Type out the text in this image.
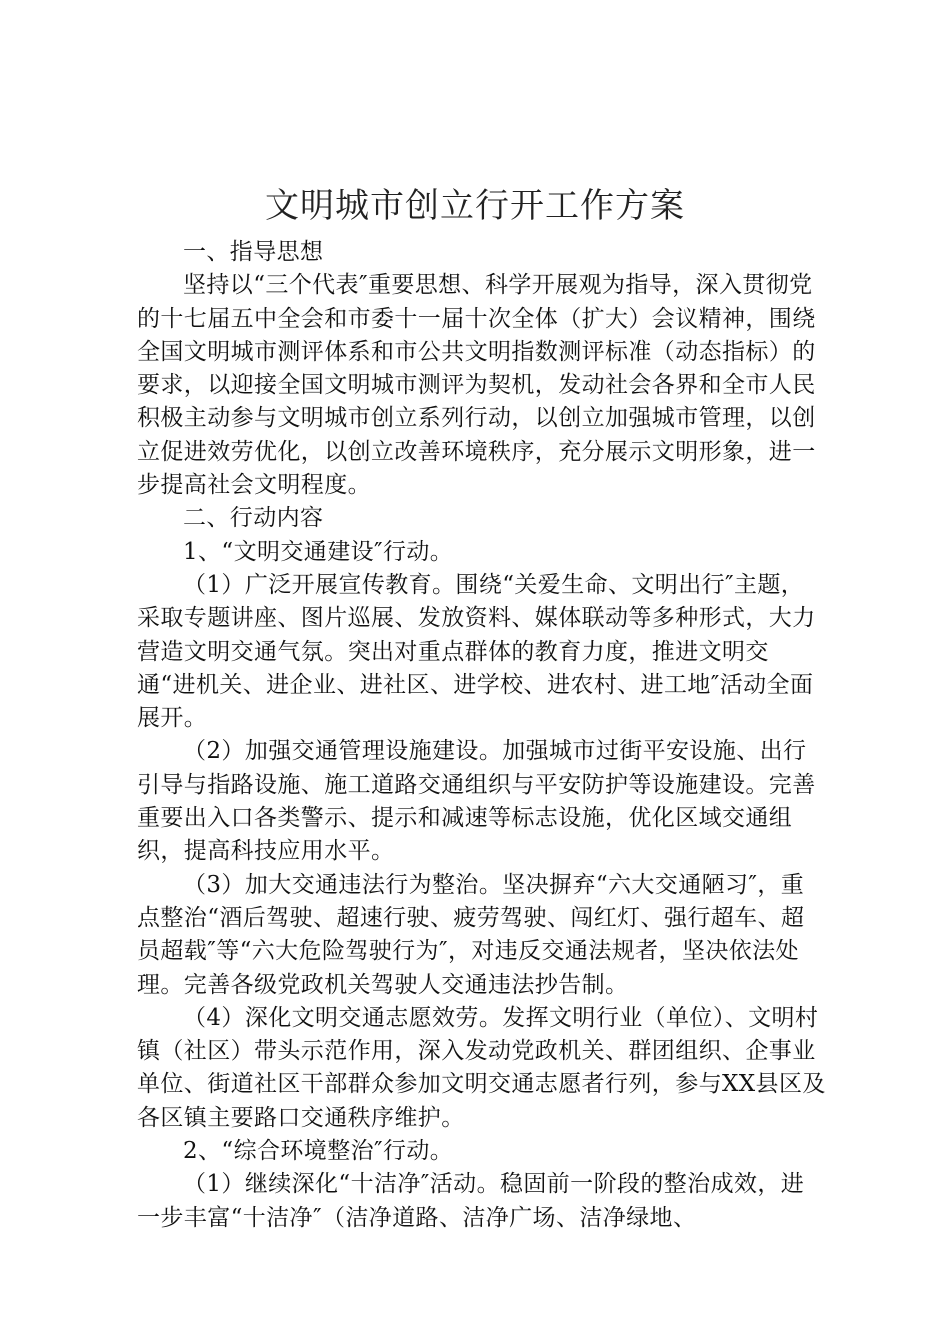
文明城市创立行开工作方案

一、指导思想

坚持以“三个代表″重要思想、科学开展观为指导，深入贯彻党的十七届五中全会和市委十一届十次全体（扩大）会议精神，围绕全国文明城市测评体系和市公共文明指数测评标准（动态指标）的要求，以迎接全国文明城市测评为契机，发动社会各界和全市人民积极主动参与文明城市创立系列行动，以创立加强城市管理，以创立促进效劳优化，以创立改善环境秩序，充分展示文明形象，进一步提高社会文明程度。

二、行动内容

1、“文明交通建设″行动。

（1）广泛开展宣传教育。围绕“关爱生命、文明出行″主题，采取专题讲座、图片巡展、发放资料、媒体联动等多种形式，大力营造文明交通气氛。突出对重点群体的教育力度，推进文明交通“进机关、进企业、进社区、进学校、进农村、进工地″活动全面展开。

（2）加强交通管理设施建设。加强城市过街平安设施、出行引导与指路设施、施工道路交通组织与平安防护等设施建设。完善重要出入口各类警示、提示和减速等标志设施，优化区域交通组织，提高科技应用水平。

（3）加大交通违法行为整治。坚决摒弃“六大交通陋习″，重点整治“酒后驾驶、超速行驶、疲劳驾驶、闯红灯、强行超车、超员超载″等“六大危险驾驶行为″，对违反交通法规者，坚决依法处理。完善各级党政机关驾驶人交通违法抄告制。

（4）深化文明交通志愿效劳。发挥文明行业（单位）、文明村镇（社区）带头示范作用，深入发动党政机关、群团组织、企事业单位、街道社区干部群众参加文明交通志愿者行列，参与XX县区及各区镇主要路口交通秩序维护。

2、“综合环境整治″行动。

（1）继续深化“十洁净″活动。稳固前一阶段的整治成效，进一步丰富“十洁净″（洁净道路、洁净广场、洁净绿地、
